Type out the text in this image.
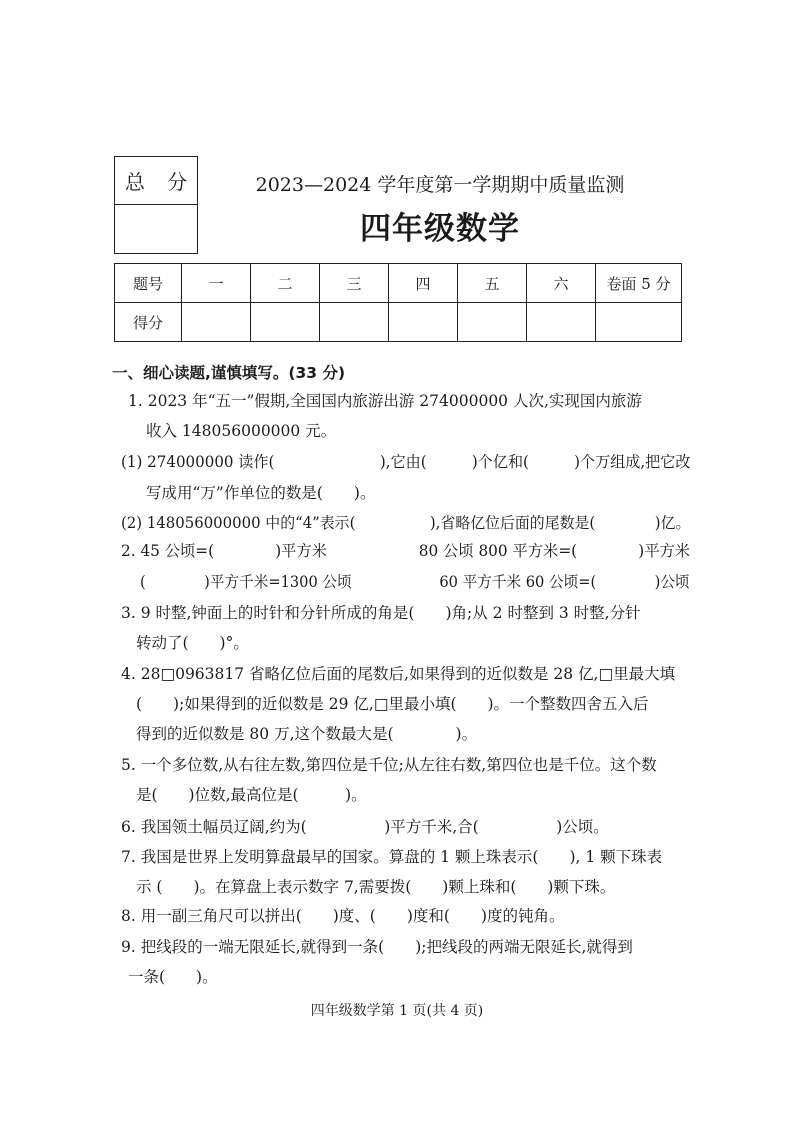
总 分	2023—2024 学年度第一学期期中质量监测
四年级数学
题号	一	二	三	四	五	六	卷面 5 分
得分							
一、细心读题,谨慎填写。(33 分)
1. 2023 年“五一”假期,全国国内旅游出游 274000000 人次,实现国内旅游
收入 148056000000 元。
(1) 274000000 读作(　　　　　　　),它由(　　　)个亿和(　　　)个万组成,把它改
写成用“万”作单位的数是(　　)。
(2) 148056000000 中的“4”表示(　　　　　),省略亿位后面的尾数是(　　　　)亿。
2. 45 公顷=(　　　　)平方米　　　　　　80 公顷 800 平方米=(　　　　)平方米
(　　　　)平方千米=1300 公顷　　　　　　60 平方千米 60 公顷=(　　　　)公顷
3. 9 时整,钟面上的时针和分针所成的角是(　　)角;从 2 时整到 3 时整,分针
转动了(　　)°。
4. 28□0963817 省略亿位后面的尾数后,如果得到的近似数是 28 亿,□里最大填
(　　);如果得到的近似数是 29 亿,□里最小填(　　)。一个整数四舍五入后
得到的近似数是 80 万,这个数最大是(　　　　)。
5. 一个多位数,从右往左数,第四位是千位;从左往右数,第四位也是千位。这个数
是(　　)位数,最高位是(　　　)。
6. 我国领土幅员辽阔,约为(　　　　　)平方千米,合(　　　　　)公顷。
7. 我国是世界上发明算盘最早的国家。算盘的 1 颗上珠表示(　　), 1 颗下珠表
示 (　　)。在算盘上表示数字 7,需要拨(　　)颗上珠和(　　)颗下珠。
8. 用一副三角尺可以拼出(　　)度、(　　)度和(　　)度的钝角。
9. 把线段的一端无限延长,就得到一条(　　);把线段的两端无限延长,就得到
一条(　　)。
四年级数学第 1 页(共 4 页)
